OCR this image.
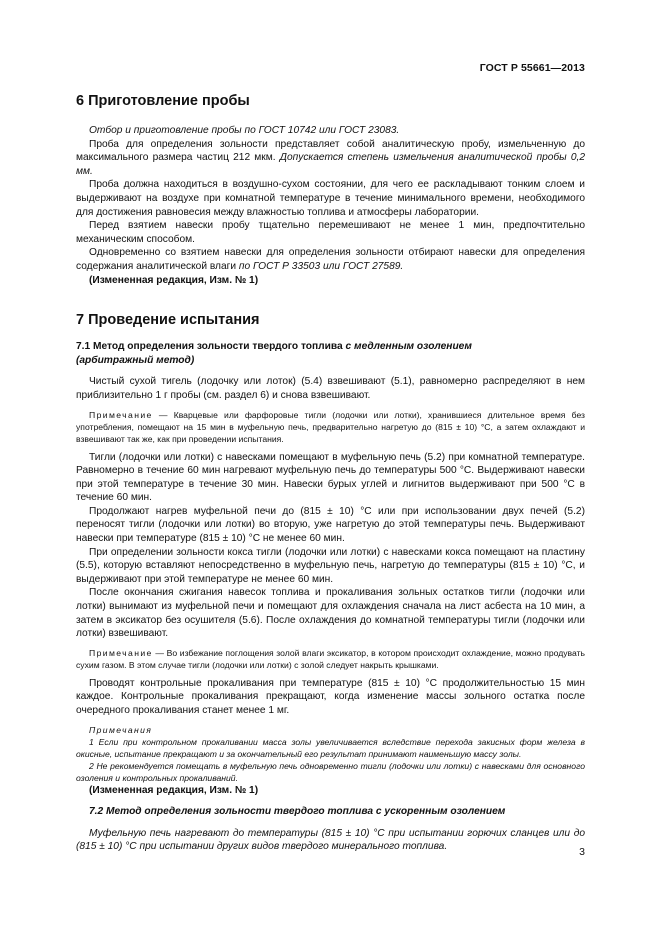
ГОСТ Р 55661—2013
6 Приготовление пробы

Отбор и приготовление пробы по ГОСТ 10742 или ГОСТ 23083.

Проба для определения зольности представляет собой аналитическую пробу, измельченную до максимального размера частиц 212 мкм. Допускается степень измельчения аналитической пробы 0,2 мм.

Проба должна находиться в воздушно-сухом состоянии, для чего ее раскладывают тонким слоем и выдерживают на воздухе при комнатной температуре в течение минимального времени, необходимого для достижения равновесия между влажностью топлива и атмосферы лаборатории.

Перед взятием навески пробу тщательно перемешивают не менее 1 мин, предпочтительно механическим способом.

Одновременно со взятием навески для определения зольности отбирают навески для определения содержания аналитической влаги по ГОСТ Р 33503 или ГОСТ 27589.

(Измененная редакция, Изм. № 1)

7 Проведение испытания

7.1 Метод определения зольности твердого топлива с медленным озолением

(арбитражный метод)

Чистый сухой тигель (лодочку или лоток) (5.4) взвешивают (5.1), равномерно распределяют в нем приблизительно 1 г пробы (см. раздел 6) и снова взвешивают.

Примечание — Кварцевые или фарфоровые тигли (лодочки или лотки), хранившиеся длительное время без употребления, помещают на 15 мин в муфельную печь, предварительно нагретую до (815 ± 10) °C, а затем охлаждают и взвешивают так же, как при проведении испытания.

Тигли (лодочки или лотки) с навесками помещают в муфельную печь (5.2) при комнатной температуре. Равномерно в течение 60 мин нагревают муфельную печь до температуры 500 °C. Выдерживают навески при этой температуре в течение 30 мин. Навески бурых углей и лигнитов выдерживают при 500 °C в течение 60 мин.

Продолжают нагрев муфельной печи до (815 ± 10) °C или при использовании двух печей (5.2) переносят тигли (лодочки или лотки) во вторую, уже нагретую до этой температуры печь. Выдерживают навески при температуре (815 ± 10) °C не менее 60 мин.

При определении зольности кокса тигли (лодочки или лотки) с навесками кокса помещают на пластину (5.5), которую вставляют непосредственно в муфельную печь, нагретую до температуры (815 ± 10) °C, и выдерживают при этой температуре не менее 60 мин.

После окончания сжигания навесок топлива и прокаливания зольных остатков тигли (лодочки или лотки) вынимают из муфельной печи и помещают для охлаждения сначала на лист асбеста на 10 мин, а затем в эксикатор без осушителя (5.6). После охлаждения до комнатной температуры тигли (лодочки или лотки) взвешивают.

Примечание — Во избежание поглощения золой влаги эксикатор, в котором происходит охлаждение, можно продувать сухим газом. В этом случае тигли (лодочки или лотки) с золой следует накрыть крышками.

Проводят контрольные прокаливания при температуре (815 ± 10) °C продолжительностью 15 мин каждое. Контрольные прокаливания прекращают, когда изменение массы зольного остатка после очередного прокаливания станет менее 1 мг.

Примечания

1 Если при контрольном прокаливании масса золы увеличивается вследствие перехода закисных форм железа в окисные, испытание прекращают и за окончательный его результат принимают наименьшую массу золы.

2 Не рекомендуется помещать в муфельную печь одновременно тигли (лодочки или лотки) с навесками для основного озоления и контрольных прокаливаний.

(Измененная редакция, Изм. № 1)

7.2 Метод определения зольности твердого топлива с ускоренным озолением

Муфельную печь нагревают до температуры (815 ± 10) °C при испытании горючих сланцев или до (815 ± 10) °C при испытании других видов твердого минерального топлива.	3
